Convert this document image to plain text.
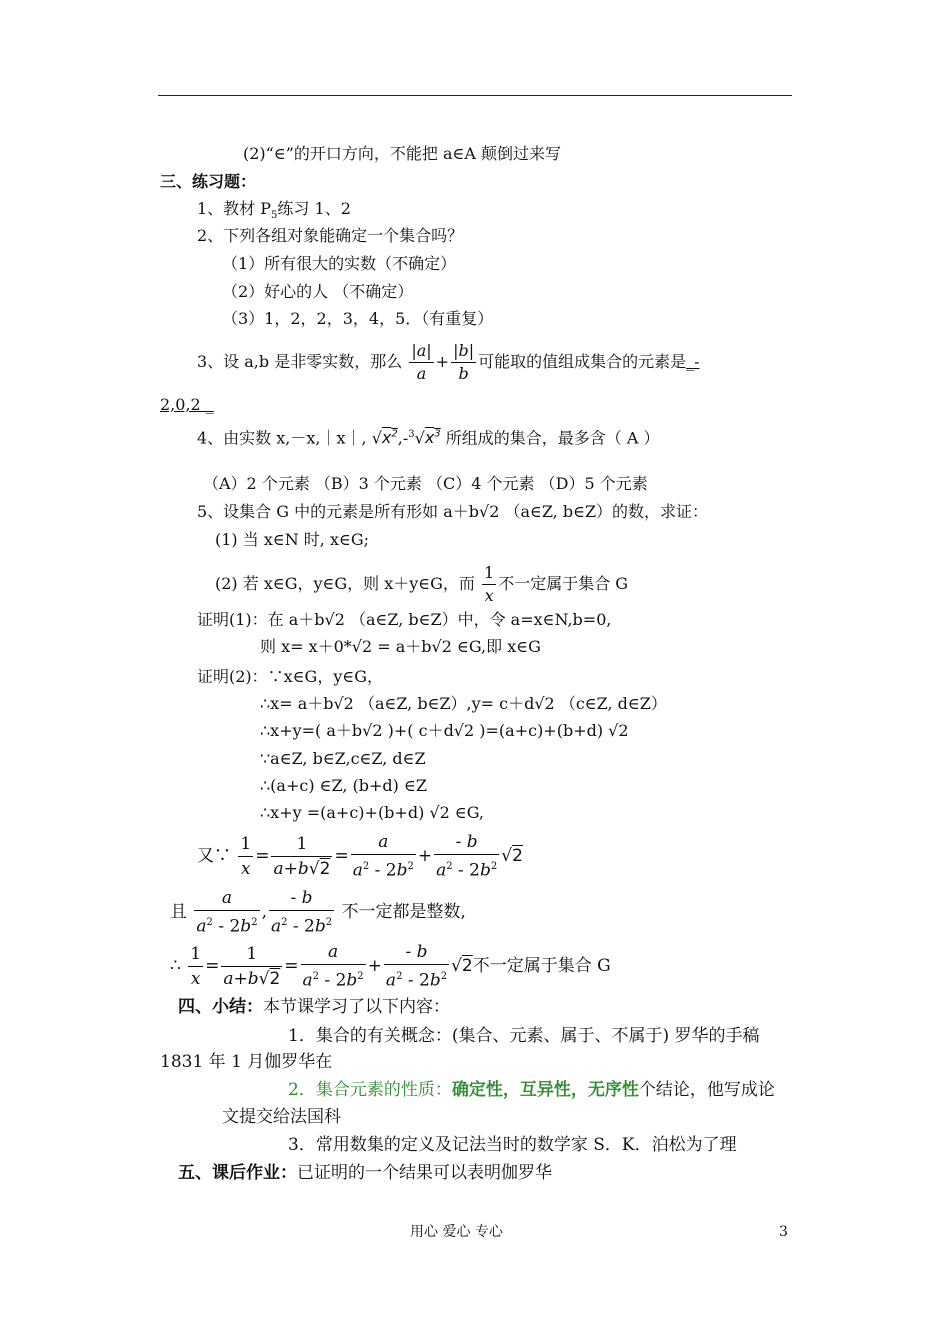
(2)“∈”的开口方向，不能把 a∈A 颠倒过来写
三、练习题：
1、教材 $P_5$练习 1、2
2、下列各组对象能确定一个集合吗？
（1）所有很大的实数（不确定）
（2）好心的人 （不确定）
（3）1，2，2，3，4，5．（有重复）
3、设 a,b 是非零实数，那么 $\frac{|a|}{a} + \frac{|b|}{b}$ 可能取的值组成集合的元素是_-
2,0,2 _
4、由实数 x,－x,｜x｜, $√x^2,-^3√x^3$ 所组成的集合，最多含（ A ）
（A）2 个元素 （B）3 个元素 （C）4 个元素 （D）5 个元素
5、设集合 G 中的元素是所有形如 a＋b√2 （a∈Z, b∈Z）的数，求证：
(1) 当 x∈N 时, x∈G;
(2) 若 x∈G，y∈G，则 x＋y∈G，而 $\frac{1}{x}$ 不一定属于集合 G
证明(1)：在 a＋b√2 （a∈Z, b∈Z）中，令 a=x∈N,b=0,
则 x= x＋0*√2 = a＋b√2 ∈G,即 x∈G
证明(2)：∵x∈G，y∈G，
∴x= a＋b√2 （a∈Z, b∈Z）,y= c＋d√2 （c∈Z, d∈Z）
∴x+y=( a＋b√2 )+( c＋d√2 )=(a+c)+(b+d) √2
∵a∈Z, b∈Z,c∈Z, d∈Z
∴(a+c) ∈Z, (b+d) ∈Z
∴x+y =(a+c)+(b+d) √2 ∈G,
又∵ $\frac{1}{x} = \frac{1}{a+b√2} = \frac{a}{a^2 - 2b^2} + \frac{- b}{a^2 - 2b^2} √2$
且 $\frac{a}{a^2 - 2b^2}$ , $\frac{- b}{a^2 - 2b^2}$ 不一定都是整数,
∴ $\frac{1}{x} = \frac{1}{a+b√2} = \frac{a}{a^2 - 2b^2} + \frac{- b}{a^2 - 2b^2} √2$不一定属于集合 G
四、小结：本节课学习了以下内容：
1．集合的有关概念：(集合、元素、属于、不属于) 罗华的手稿
1831 年 1 月伽罗华在
2．集合元素的性质：确定性，互异性，无序性个结论，他写成论
文提交给法国科
3．常用数集的定义及记法当时的数学家 S．K．泊松为了理
五、课后作业：已证明的一个结果可以表明伽罗华
用心 爱心 专心	3
